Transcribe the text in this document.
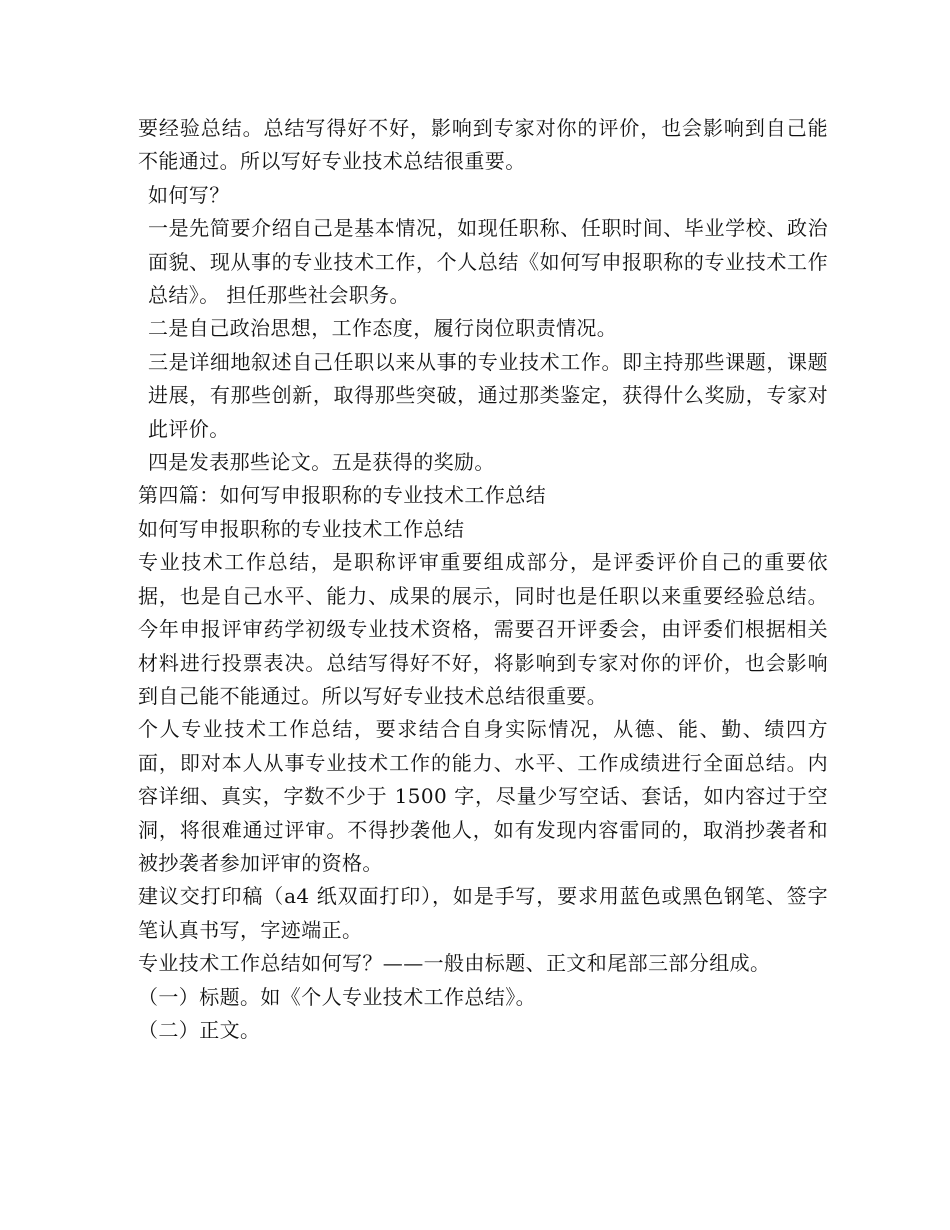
要经验总结。总结写得好不好，影响到专家对你的评价，也会影响到自己能不能通过。所以写好专业技术总结很重要。

如何写？

一是先简要介绍自己是基本情况，如现任职称、任职时间、毕业学校、政治面貌、现从事的专业技术工作，个人总结《如何写申报职称的专业技术工作总结》。 担任那些社会职务。

二是自己政治思想，工作态度，履行岗位职责情况。

三是详细地叙述自己任职以来从事的专业技术工作。即主持那些课题，课题进展，有那些创新，取得那些突破，通过那类鉴定，获得什么奖励，专家对此评价。

四是发表那些论文。五是获得的奖励。

第四篇：如何写申报职称的专业技术工作总结

如何写申报职称的专业技术工作总结

专业技术工作总结，是职称评审重要组成部分，是评委评价自己的重要依据，也是自己水平、能力、成果的展示，同时也是任职以来重要经验总结。今年申报评审药学初级专业技术资格，需要召开评委会，由评委们根据相关材料进行投票表决。总结写得好不好，将影响到专家对你的评价，也会影响到自己能不能通过。所以写好专业技术总结很重要。

个人专业技术工作总结，要求结合自身实际情况，从德、能、勤、绩四方面，即对本人从事专业技术工作的能力、水平、工作成绩进行全面总结。内容详细、真实，字数不少于 1500 字，尽量少写空话、套话，如内容过于空洞，将很难通过评审。不得抄袭他人，如有发现内容雷同的，取消抄袭者和被抄袭者参加评审的资格。

建议交打印稿（a4 纸双面打印），如是手写，要求用蓝色或黑色钢笔、签字笔认真书写，字迹端正。

专业技术工作总结如何写？——一般由标题、正文和尾部三部分组成。

（一）标题。如《个人专业技术工作总结》。

（二）正文。
